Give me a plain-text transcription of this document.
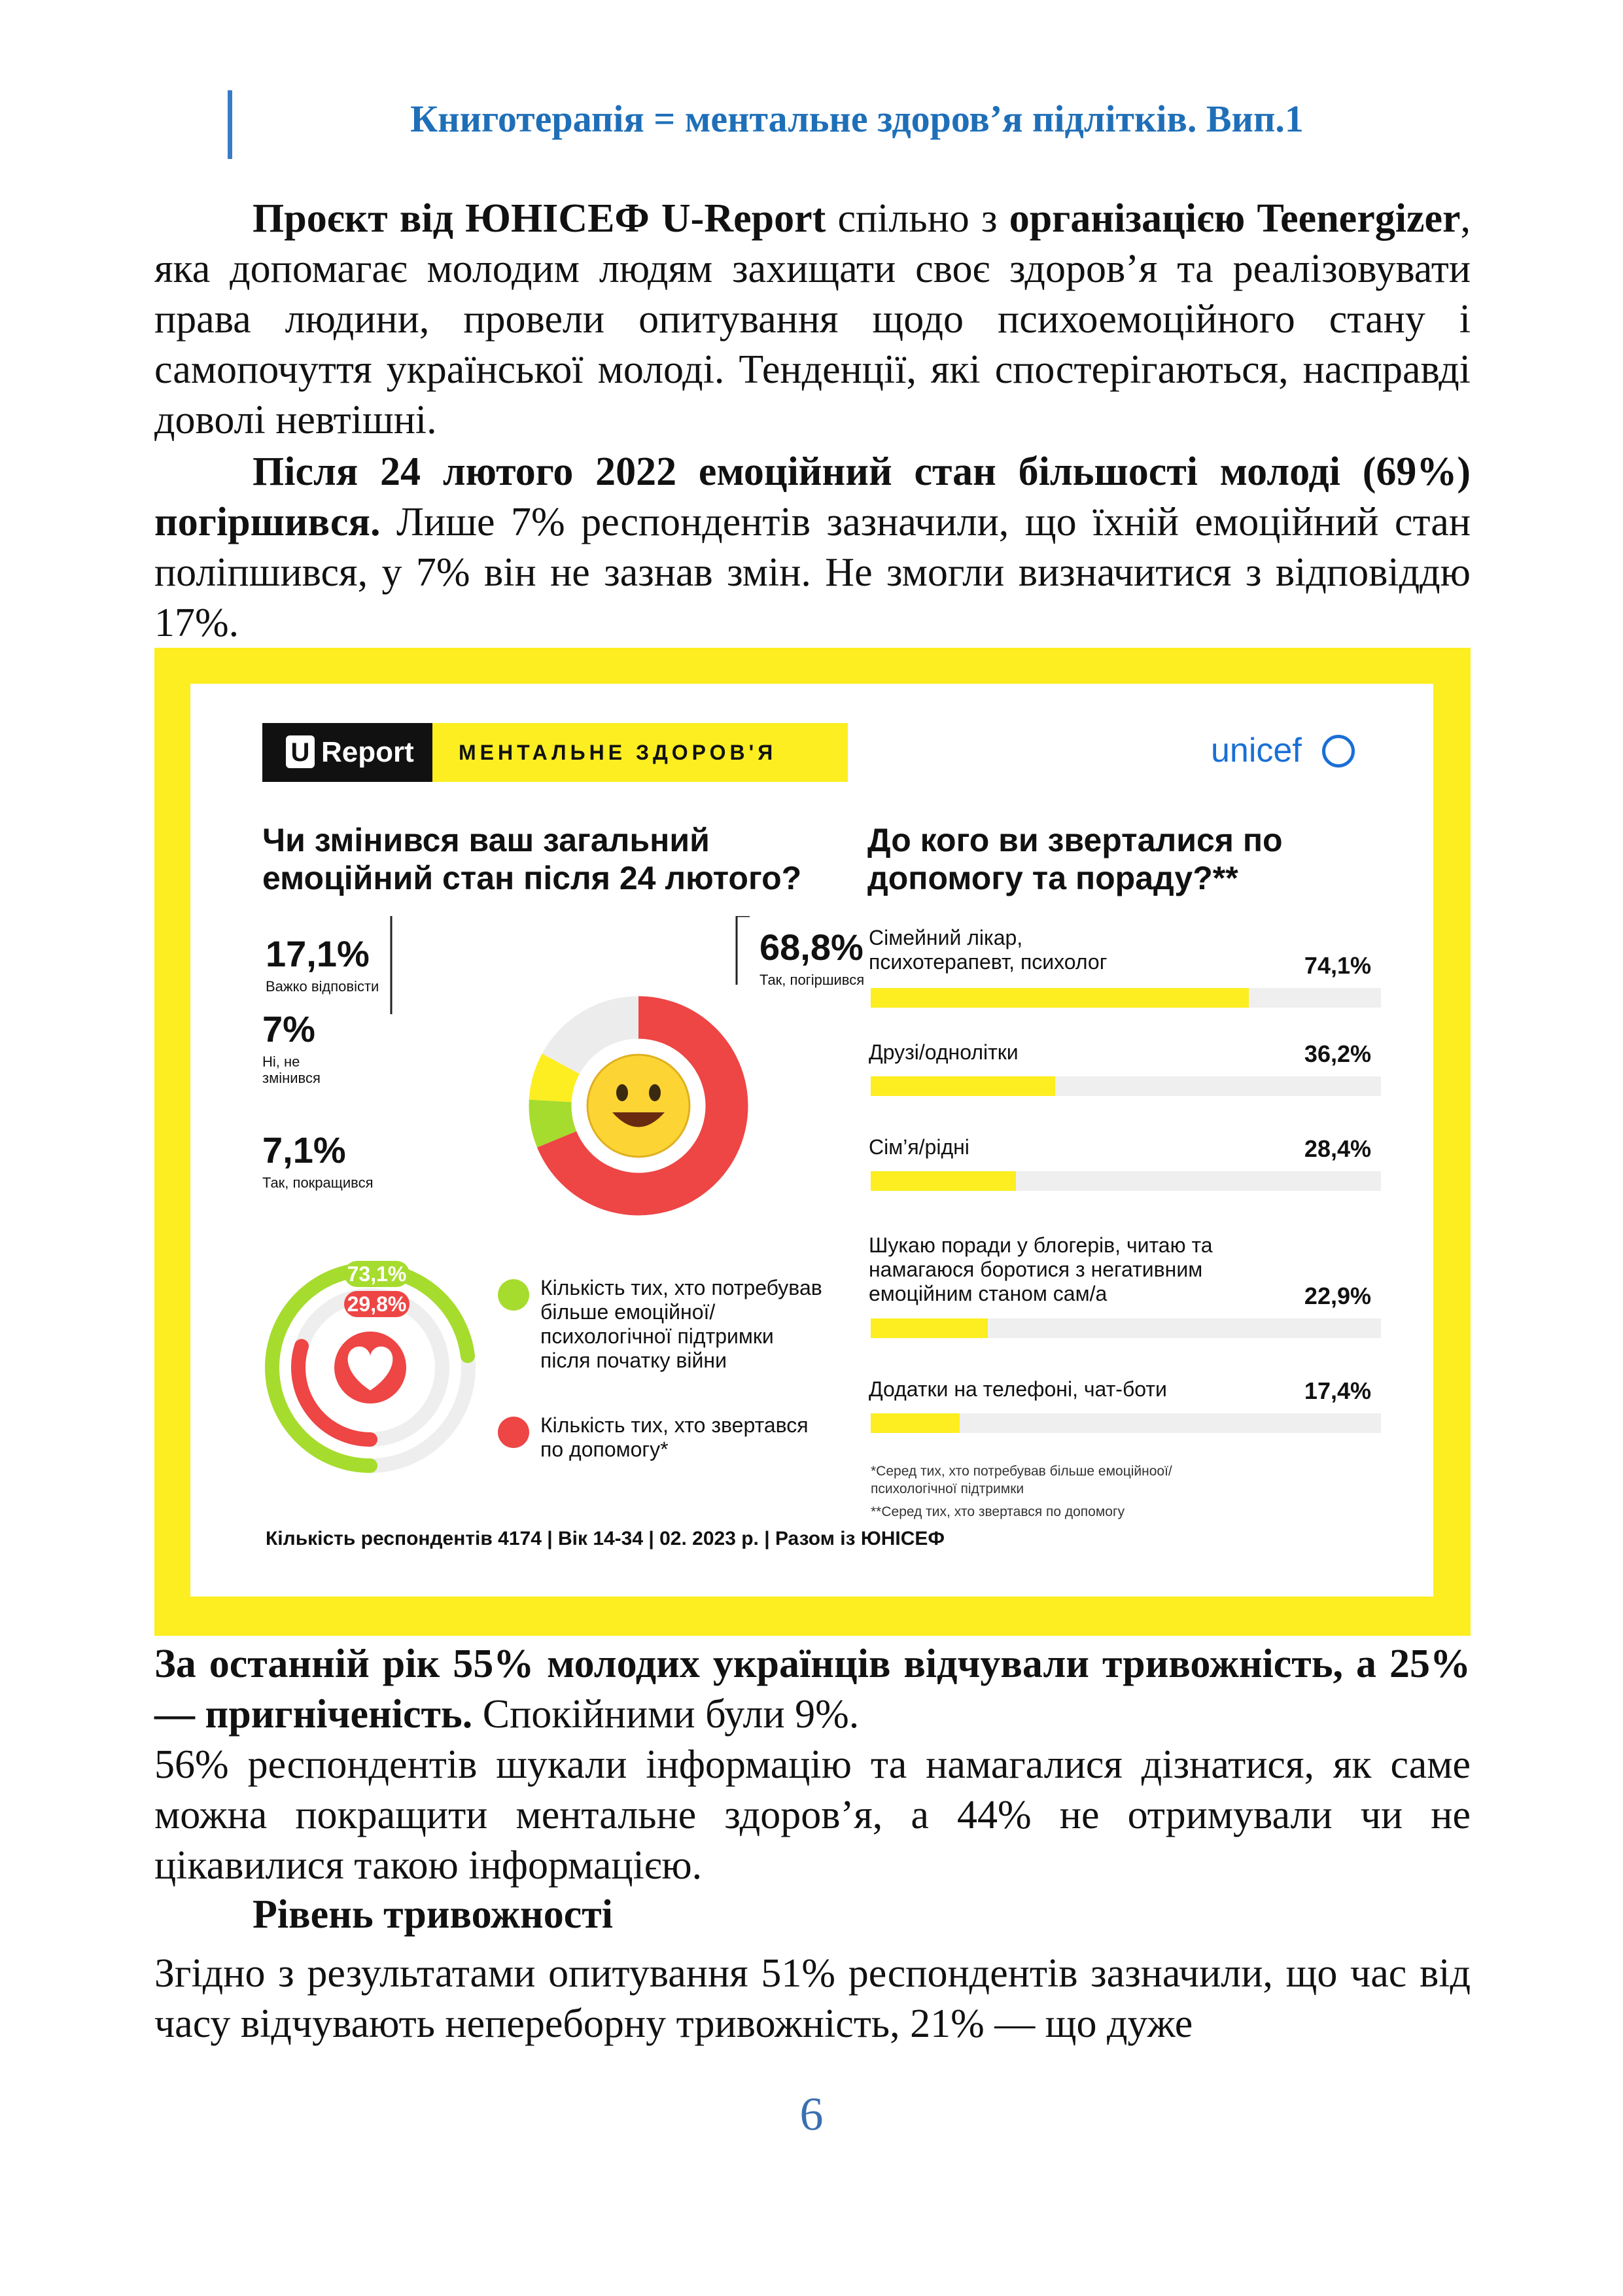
Книготерапія = ментальне здоров’я підлітків. Вип.1
Проєкт від ЮНІСЕФ U-Report спільно з організацією Teenergizer, яка допомагає молодим людям захищати своє здоров’я та реалізовувати права людини, провели опитування щодо психоемоційного стану і самопочуття української молоді. Тенденції, які спостерігаються, насправді доволі невтішні.
Після 24 лютого 2022 емоційний стан більшості молоді (69%) погіршився. Лише 7% респондентів зазначили, що їхній емоційний стан поліпшився, у 7% він не зазнав змін. Не змогли визначитися з відповіддю 17%.
U Report	МЕНТАЛЬНЕ ЗДОРОВ'Я	unicef
Чи змінився ваш загальний емоційний стан після 24 лютого?
До кого ви зверталися по допомогу та пораду?**
17,1%
Важко відповісти
68,8%
Так, погіршився
7%
Ні, не
змінився
7,1%
Так, покращився
73,1%
29,8%
Кількість тих, хто потребував більше емоційної/психологічної підтримки після початку війни
Кількість тих, хто звертався по допомогу*
Сімейний лікар,
психотерапевт, психолог	74,1%
Друзі/однолітки	36,2%
Сім’я/рідні	28,4%
Шукаю поради у блогерів, читаю та
намагаюся боротися з негативним
емоційним станом сам/а	22,9%
Додатки на телефоні, чат-боти	17,4%
*Серед тих, хто потребував більше емоційноої/
психологічної підтримки
**Серед тих, хто звертався по допомогу
Кількість респондентів 4174 | Вік 14-34 | 02. 2023 р. | Разом із ЮНІСЕФ

За останній рік 55% молодих українців відчували тривожність, а 25% — пригніченість. Спокійними були 9%.

56% респондентів шукали інформацію та намагалися дізнатися, як саме можна покращити ментальне здоров’я, а 44% не отримували чи не цікавилися такою інформацією.

Рівень тривожності
Згідно з результатами опитування 51% респондентів зазначили, що час від часу відчувають непереборну тривожність, 21% — що дуже
6
